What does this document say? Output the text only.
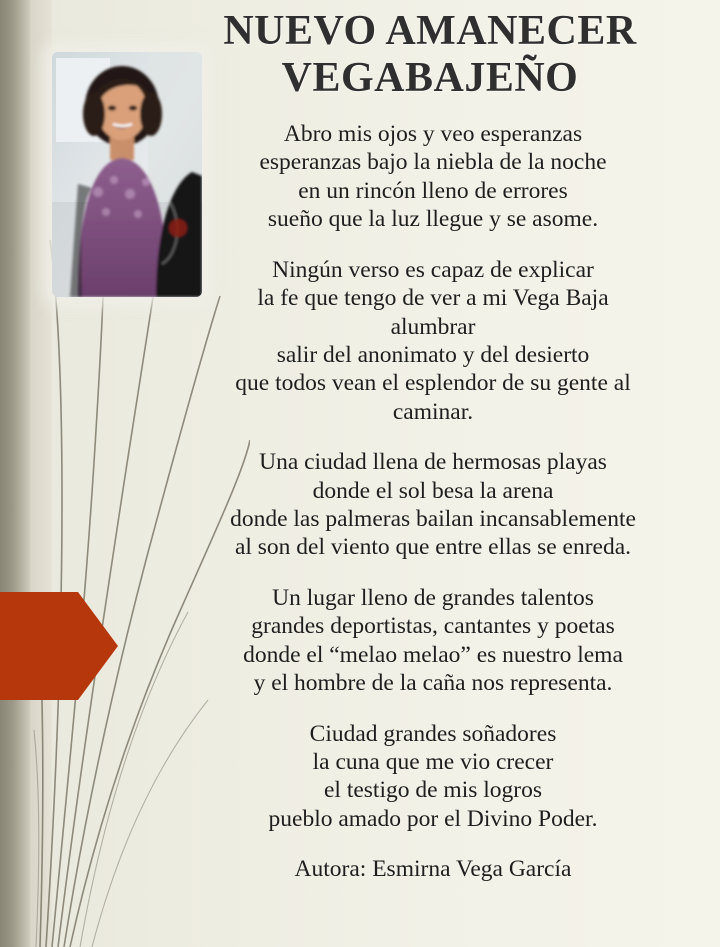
NUEVO AMANECER
VEGABAJEÑO
Abro mis ojos y veo esperanzas
esperanzas bajo la niebla de la noche
en un rincón lleno de errores
sueño que la luz llegue y se asome.
Ningún verso es capaz de explicar
la fe que tengo de ver a mi Vega Baja
alumbrar
salir del anonimato y del desierto
que todos vean el esplendor de su gente al
caminar.
Una ciudad llena de hermosas playas
donde el sol besa la arena
donde las palmeras bailan incansablemente
al son del viento que entre ellas se enreda.
Un lugar lleno de grandes talentos
grandes deportistas, cantantes y poetas
donde el “melao melao” es nuestro lema
y el hombre de la caña nos representa.
Ciudad grandes soñadores
la cuna que me vio crecer
el testigo de mis logros
pueblo amado por el Divino Poder.
Autora: Esmirna Vega García
